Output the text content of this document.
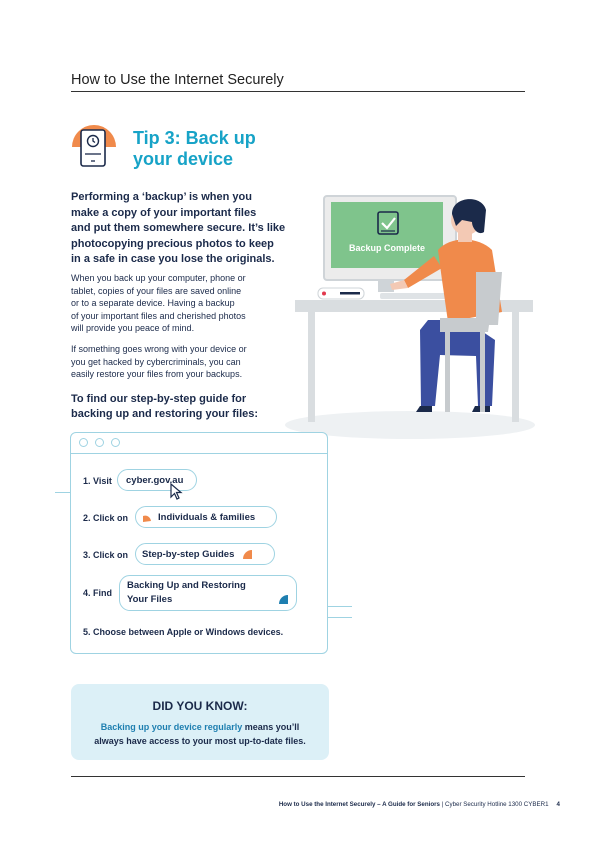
How to Use the Internet Securely
Tip 3: Back up
your device
Performing a ‘backup’ is when you
make a copy of your important files
and put them somewhere secure. It’s like
photocopying precious photos to keep
in a safe in case you lose the originals.
When you back up your computer, phone or
tablet, copies of your files are saved online
or to a separate device. Having a backup
of your important files and cherished photos
will provide you peace of mind.
If something goes wrong with your device or
you get hacked by cybercriminals, you can
easily restore your files from your backups.
To find our step-by-step guide for
backing up and restoring your files:
Backup Complete
1. Visit cyber.gov.au
2. Click on	Individuals & families
3. Click on Step-by-step Guides
4. Find
Backing Up and Restoring
Your Files
5. Choose between Apple or Windows devices.
DID YOU KNOW:
Backing up your device regularly means you’ll
always have access to your most up-to-date files.
How to Use the Internet Securely – A Guide for Seniors | Cyber Security Hotline 1300 CYBER1 4
